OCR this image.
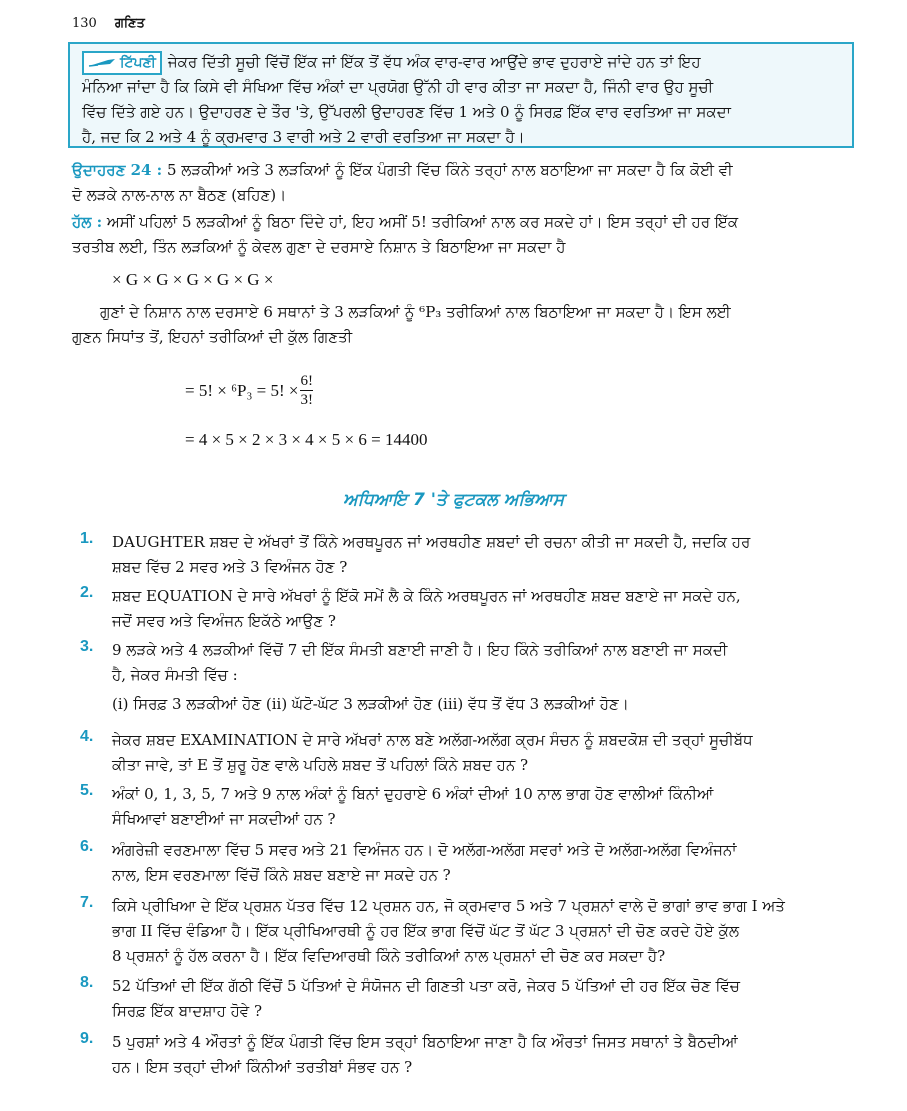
130 ਗਣਿਤ
ਟਿੱਪਣੀ ਜੇਕਰ ਦਿੱਤੀ ਸੂਚੀ ਵਿੱਚੋਂ ਇੱਕ ਜਾਂ ਇੱਕ ਤੋਂ ਵੱਧ ਅੰਕ ਵਾਰ-ਵਾਰ ਆਉਂਦੇ ਭਾਵ ਦੁਹਰਾਏ ਜਾਂਦੇ ਹਨ ਤਾਂ ਇਹ
ਮੰਨਿਆ ਜਾਂਦਾ ਹੈ ਕਿ ਕਿਸੇ ਵੀ ਸੰਖਿਆ ਵਿੱਚ ਅੰਕਾਂ ਦਾ ਪ੍ਰਯੋਗ ਉੱਨੀ ਹੀ ਵਾਰ ਕੀਤਾ ਜਾ ਸਕਦਾ ਹੈ, ਜਿੰਨੀ ਵਾਰ ਉਹ ਸੂਚੀ
ਵਿੱਚ ਦਿੱਤੇ ਗਏ ਹਨ। ਉਦਾਹਰਣ ਦੇ ਤੌਰ 'ਤੇ, ਉੱਪਰਲੀ ਉਦਾਹਰਣ ਵਿੱਚ 1 ਅਤੇ 0 ਨੂੰ ਸਿਰਫ਼ ਇੱਕ ਵਾਰ ਵਰਤਿਆ ਜਾ ਸਕਦਾ
ਹੈ, ਜਦ ਕਿ 2 ਅਤੇ 4 ਨੂੰ ਕ੍ਰਮਵਾਰ 3 ਵਾਰੀ ਅਤੇ 2 ਵਾਰੀ ਵਰਤਿਆ ਜਾ ਸਕਦਾ ਹੈ।
ਉਦਾਹਰਣ 24 : 5 ਲੜਕੀਆਂ ਅਤੇ 3 ਲੜਕਿਆਂ ਨੂੰ ਇੱਕ ਪੰਗਤੀ ਵਿੱਚ ਕਿੰਨੇ ਤਰ੍ਹਾਂ ਨਾਲ ਬਠਾਇਆ ਜਾ ਸਕਦਾ ਹੈ ਕਿ ਕੋਈ ਵੀ
ਦੋ ਲੜਕੇ ਨਾਲ-ਨਾਲ ਨਾ ਬੈਠਣ (ਬਹਿਣ)।
ਹੱਲ : ਅਸੀਂ ਪਹਿਲਾਂ 5 ਲੜਕੀਆਂ ਨੂੰ ਬਿਠਾ ਦਿੰਦੇ ਹਾਂ, ਇਹ ਅਸੀਂ 5! ਤਰੀਕਿਆਂ ਨਾਲ ਕਰ ਸਕਦੇ ਹਾਂ। ਇਸ ਤਰ੍ਹਾਂ ਦੀ ਹਰ ਇੱਕ
ਤਰਤੀਬ ਲਈ, ਤਿੰਨ ਲੜਕਿਆਂ ਨੂੰ ਕੇਵਲ ਗੁਣਾ ਦੇ ਦਰਸਾਏ ਨਿਸ਼ਾਨ ਤੇ ਬਿਠਾਇਆ ਜਾ ਸਕਦਾ ਹੈ
× G × G × G × G × G ×
ਗੁਣਾਂ ਦੇ ਨਿਸ਼ਾਨ ਨਾਲ ਦਰਸਾਏ 6 ਸਥਾਨਾਂ ਤੇ 3 ਲੜਕਿਆਂ ਨੂੰ ⁶P₃ ਤਰੀਕਿਆਂ ਨਾਲ ਬਿਠਾਇਆ ਜਾ ਸਕਦਾ ਹੈ। ਇਸ ਲਈ
ਗੁਣਨ ਸਿਧਾਂਤ ਤੋਂ, ਇਹਨਾਂ ਤਰੀਕਿਆਂ ਦੀ ਕੁੱਲ ਗਿਣਤੀ
= 5! × ⁶P₃ = 5! × $\frac{6!}{3!}$
= 4 × 5 × 2 × 3 × 4 × 5 × 6 = 14400
ਅਧਿਆਇ 7 'ਤੇ ਫੁਟਕਲ ਅਭਿਆਸ
1. DAUGHTER ਸ਼ਬਦ ਦੇ ਅੱਖਰਾਂ ਤੋਂ ਕਿੰਨੇ ਅਰਥਪੂਰਨ ਜਾਂ ਅਰਥਹੀਣ ਸ਼ਬਦਾਂ ਦੀ ਰਚਨਾ ਕੀਤੀ ਜਾ ਸਕਦੀ ਹੈ, ਜਦਕਿ ਹਰ
ਸ਼ਬਦ ਵਿੱਚ 2 ਸਵਰ ਅਤੇ 3 ਵਿਅੰਜਨ ਹੋਣ ?
2. ਸ਼ਬਦ EQUATION ਦੇ ਸਾਰੇ ਅੱਖਰਾਂ ਨੂੰ ਇੱਕੋ ਸਮੇਂ ਲੈ ਕੇ ਕਿੰਨੇ ਅਰਥਪੂਰਨ ਜਾਂ ਅਰਥਹੀਣ ਸ਼ਬਦ ਬਣਾਏ ਜਾ ਸਕਦੇ ਹਨ,
ਜਦੋਂ ਸਵਰ ਅਤੇ ਵਿਅੰਜਨ ਇਕੱਠੇ ਆਉਣ ?
3. 9 ਲੜਕੇ ਅਤੇ 4 ਲੜਕੀਆਂ ਵਿੱਚੋਂ 7 ਦੀ ਇੱਕ ਸੰਮਤੀ ਬਣਾਈ ਜਾਣੀ ਹੈ। ਇਹ ਕਿੰਨੇ ਤਰੀਕਿਆਂ ਨਾਲ ਬਣਾਈ ਜਾ ਸਕਦੀ
ਹੈ, ਜੇਕਰ ਸੰਮਤੀ ਵਿੱਚ :
(i) ਸਿਰਫ਼ 3 ਲੜਕੀਆਂ ਹੋਣ (ii) ਘੱਟੋ-ਘੱਟ 3 ਲੜਕੀਆਂ ਹੋਣ (iii) ਵੱਧ ਤੋਂ ਵੱਧ 3 ਲੜਕੀਆਂ ਹੋਣ।
4. ਜੇਕਰ ਸ਼ਬਦ EXAMINATION ਦੇ ਸਾਰੇ ਅੱਖਰਾਂ ਨਾਲ ਬਣੇ ਅਲੱਗ-ਅਲੱਗ ਕ੍ਰਮ ਸੰਚਨ ਨੂੰ ਸ਼ਬਦਕੋਸ਼ ਦੀ ਤਰ੍ਹਾਂ ਸੂਚੀਬੱਧ
ਕੀਤਾ ਜਾਵੇ, ਤਾਂ E ਤੋਂ ਸ਼ੁਰੂ ਹੋਣ ਵਾਲੇ ਪਹਿਲੇ ਸ਼ਬਦ ਤੋਂ ਪਹਿਲਾਂ ਕਿੰਨੇ ਸ਼ਬਦ ਹਨ ?
5. ਅੰਕਾਂ 0, 1, 3, 5, 7 ਅਤੇ 9 ਨਾਲ ਅੰਕਾਂ ਨੂੰ ਬਿਨਾਂ ਦੁਹਰਾਏ 6 ਅੰਕਾਂ ਦੀਆਂ 10 ਨਾਲ ਭਾਗ ਹੋਣ ਵਾਲੀਆਂ ਕਿੰਨੀਆਂ
ਸੰਖਿਆਵਾਂ ਬਣਾਈਆਂ ਜਾ ਸਕਦੀਆਂ ਹਨ ?
6. ਅੰਗਰੇਜ਼ੀ ਵਰਣਮਾਲਾ ਵਿੱਚ 5 ਸਵਰ ਅਤੇ 21 ਵਿਅੰਜਨ ਹਨ। ਦੋ ਅਲੱਗ-ਅਲੱਗ ਸਵਰਾਂ ਅਤੇ ਦੋ ਅਲੱਗ-ਅਲੱਗ ਵਿਅੰਜਨਾਂ
ਨਾਲ, ਇਸ ਵਰਣਮਾਲਾ ਵਿੱਚੋਂ ਕਿੰਨੇ ਸ਼ਬਦ ਬਣਾਏ ਜਾ ਸਕਦੇ ਹਨ ?
7. ਕਿਸੇ ਪ੍ਰੀਖਿਆ ਦੇ ਇੱਕ ਪ੍ਰਸ਼ਨ ਪੱਤਰ ਵਿੱਚ 12 ਪ੍ਰਸ਼ਨ ਹਨ, ਜੋ ਕ੍ਰਮਵਾਰ 5 ਅਤੇ 7 ਪ੍ਰਸ਼ਨਾਂ ਵਾਲੇ ਦੋ ਭਾਗਾਂ ਭਾਵ ਭਾਗ I ਅਤੇ
ਭਾਗ II ਵਿੱਚ ਵੰਡਿਆ ਹੈ। ਇੱਕ ਪ੍ਰੀਖਿਆਰਥੀ ਨੂੰ ਹਰ ਇੱਕ ਭਾਗ ਵਿੱਚੋਂ ਘੱਟ ਤੋਂ ਘੱਟ 3 ਪ੍ਰਸ਼ਨਾਂ ਦੀ ਚੋਣ ਕਰਦੇ ਹੋਏ ਕੁੱਲ
8 ਪ੍ਰਸ਼ਨਾਂ ਨੂੰ ਹੱਲ ਕਰਨਾ ਹੈ। ਇੱਕ ਵਿਦਿਆਰਥੀ ਕਿੰਨੇ ਤਰੀਕਿਆਂ ਨਾਲ ਪ੍ਰਸ਼ਨਾਂ ਦੀ ਚੋਣ ਕਰ ਸਕਦਾ ਹੈ?
8. 52 ਪੱਤਿਆਂ ਦੀ ਇੱਕ ਗੱਠੀ ਵਿੱਚੋਂ 5 ਪੱਤਿਆਂ ਦੇ ਸੰਯੋਜਨ ਦੀ ਗਿਣਤੀ ਪਤਾ ਕਰੋ, ਜੇਕਰ 5 ਪੱਤਿਆਂ ਦੀ ਹਰ ਇੱਕ ਚੋਣ ਵਿੱਚ
ਸਿਰਫ਼ ਇੱਕ ਬਾਦਸ਼ਾਹ ਹੋਵੇ ?
9. 5 ਪੁਰਸ਼ਾਂ ਅਤੇ 4 ਔਰਤਾਂ ਨੂੰ ਇੱਕ ਪੰਗਤੀ ਵਿੱਚ ਇਸ ਤਰ੍ਹਾਂ ਬਿਠਾਇਆ ਜਾਣਾ ਹੈ ਕਿ ਔਰਤਾਂ ਜਿਸਤ ਸਥਾਨਾਂ ਤੇ ਬੈਠਦੀਆਂ
ਹਨ। ਇਸ ਤਰ੍ਹਾਂ ਦੀਆਂ ਕਿੰਨੀਆਂ ਤਰਤੀਬਾਂ ਸੰਭਵ ਹਨ ?
